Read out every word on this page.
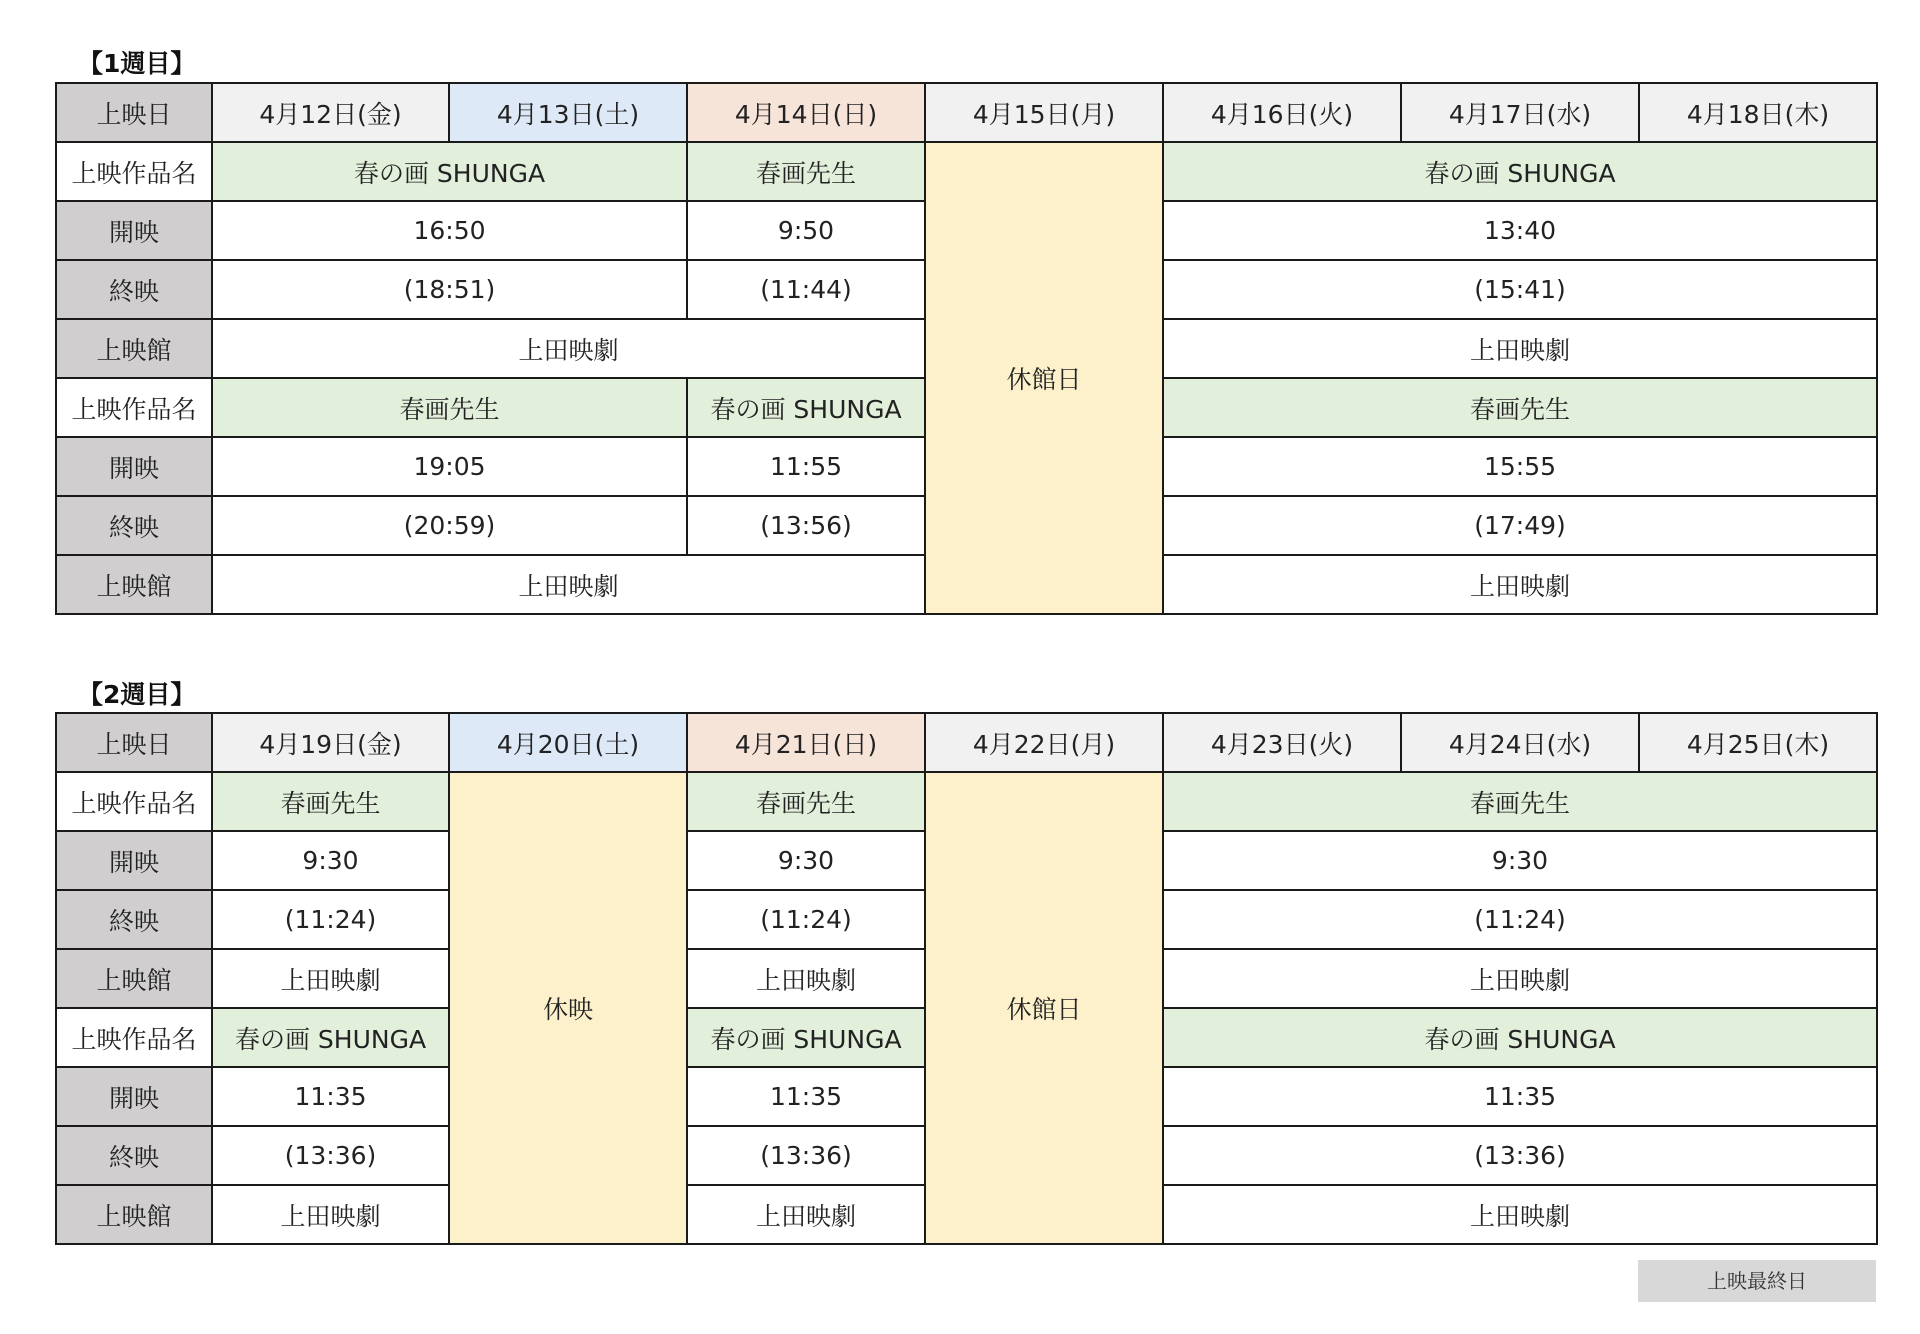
【1週目】
上映日	4月12日(金)	4月13日(土)	4月14日(日)	4月15日(月)	4月16日(火)	4月17日(水)	4月18日(木)
上映作品名	春の画 SHUNGA		春画先生	休館日	春の画 SHUNGA		
開映	16:50		9:50		13:40		
終映	(18:51)		(11:44)		(15:41)		
上映館	上田映劇				上田映劇		
上映作品名	春画先生		春の画 SHUNGA		春画先生		
開映	19:05		11:55		15:55		
終映	(20:59)		(13:56)		(17:49)		
上映館	上田映劇				上田映劇		
【2週目】
上映日	4月19日(金)	4月20日(土)	4月21日(日)	4月22日(月)	4月23日(火)	4月24日(水)	4月25日(木)
上映作品名	春画先生	休映	春画先生	休館日	春画先生		
開映	9:30		9:30		9:30		
終映	(11:24)		(11:24)		(11:24)		
上映館	上田映劇		上田映劇		上田映劇		
上映作品名	春の画 SHUNGA		春の画 SHUNGA		春の画 SHUNGA		
開映	11:35		11:35		11:35		
終映	(13:36)		(13:36)		(13:36)		
上映館	上田映劇		上田映劇		上田映劇		
上映最終日
